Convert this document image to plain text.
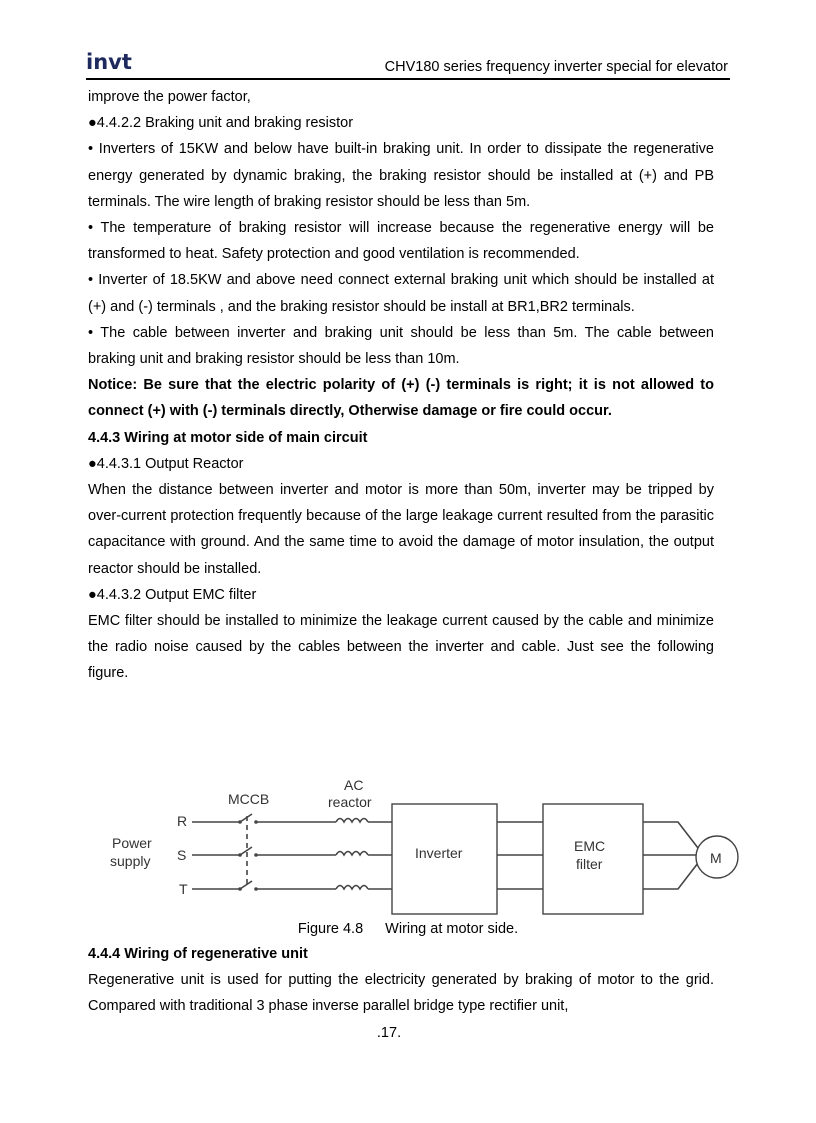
invt	CHV180 series frequency inverter special for elevator

improve the power factor,

●4.4.2.2 Braking unit and braking resistor

• Inverters of 15KW and below have built-in braking unit. In order to dissipate the regenerative energy generated by dynamic braking, the braking resistor should be installed at (+) and PB terminals. The wire length of braking resistor should be less than 5m.

• The temperature of braking resistor will increase because the regenerative energy will be transformed to heat. Safety protection and good ventilation is recommended.

• Inverter of 18.5KW and above need connect external braking unit which should be installed at (+) and (-) terminals , and the braking resistor should be install at BR1,BR2 terminals.

• The cable between inverter and braking unit should be less than 5m. The cable between braking unit and braking resistor should be less than 10m.

Notice: Be sure that the electric polarity of (+) (-) terminals is right; it is not allowed to connect (+) with (-) terminals directly, Otherwise damage or fire could occur.

4.4.3 Wiring at motor side of main circuit

●4.4.3.1 Output Reactor

When the distance between inverter and motor is more than 50m, inverter may be tripped by over-current protection frequently because of the large leakage current resulted from the parasitic capacitance with ground. And the same time to avoid the damage of motor insulation, the output reactor should be installed.

●4.4.3.2 Output EMC filter

EMC filter should be installed to minimize the leakage current caused by the cable and minimize the radio noise caused by the cables between the inverter and cable. Just see the following figure.

MCCB
AC
reactor
Power
supply
R
S
T
Inverter	EMC
filter	M
Figure 4.8 Wiring at motor side.

4.4.4 Wiring of regenerative unit

Regenerative unit is used for putting the electricity generated by braking of motor to the grid. Compared with traditional 3 phase inverse parallel bridge type rectifier unit,

.17.
